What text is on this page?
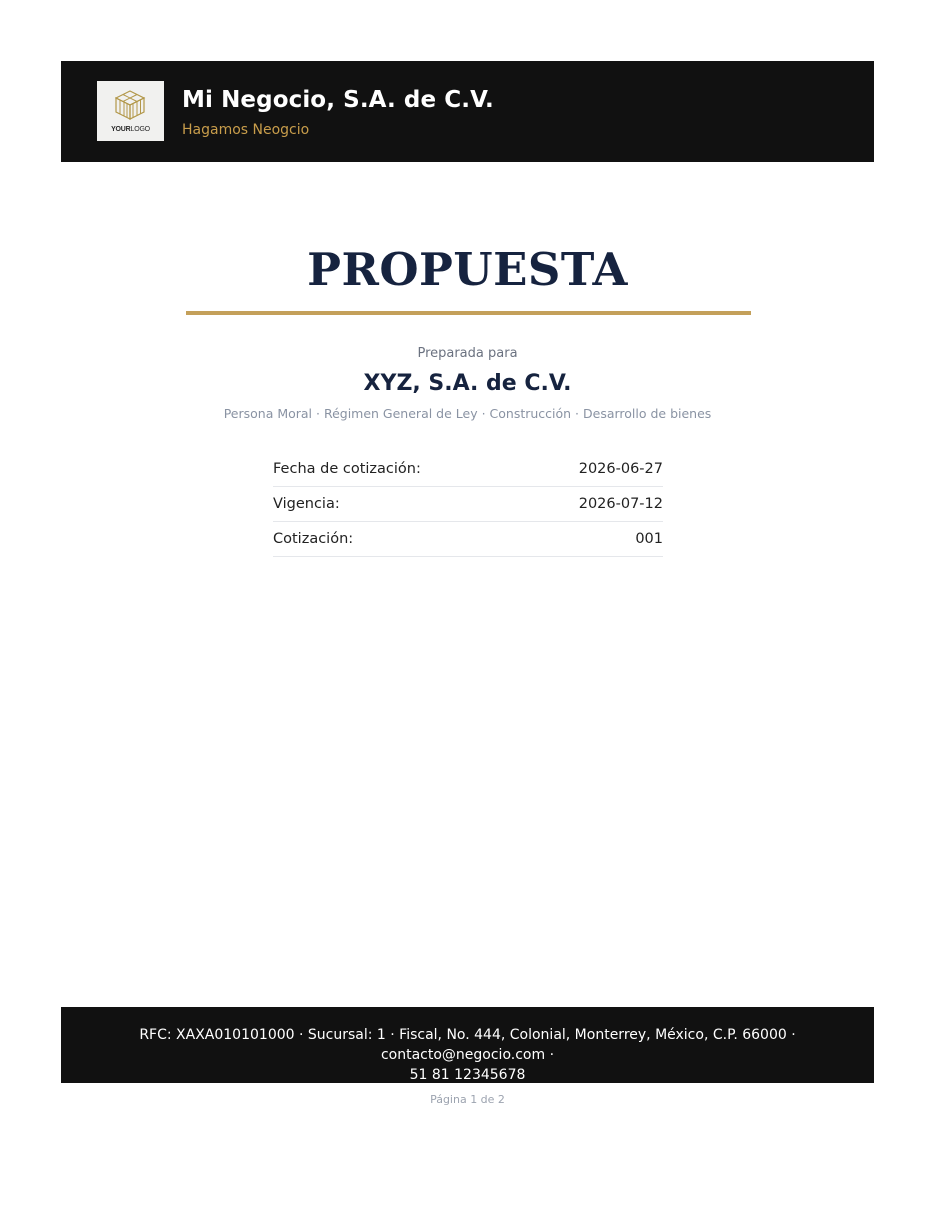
YOURLOGO
Mi Negocio, S.A. de C.V.
Hagamos Neogcio
PROPUESTA
Preparada para
XYZ, S.A. de C.V.
Persona Moral · Régimen General de Ley · Construcción · Desarrollo de bienes
Fecha de cotización:	2026-06-27
Vigencia:	2026-07-12
Cotización:	001
RFC: XAXA010101000 · Sucursal: 1 · Fiscal, No. 444, Colonial, Monterrey, México, C.P. 66000 · contacto@negocio.com ·
51 81 12345678
Página 1 de 2
